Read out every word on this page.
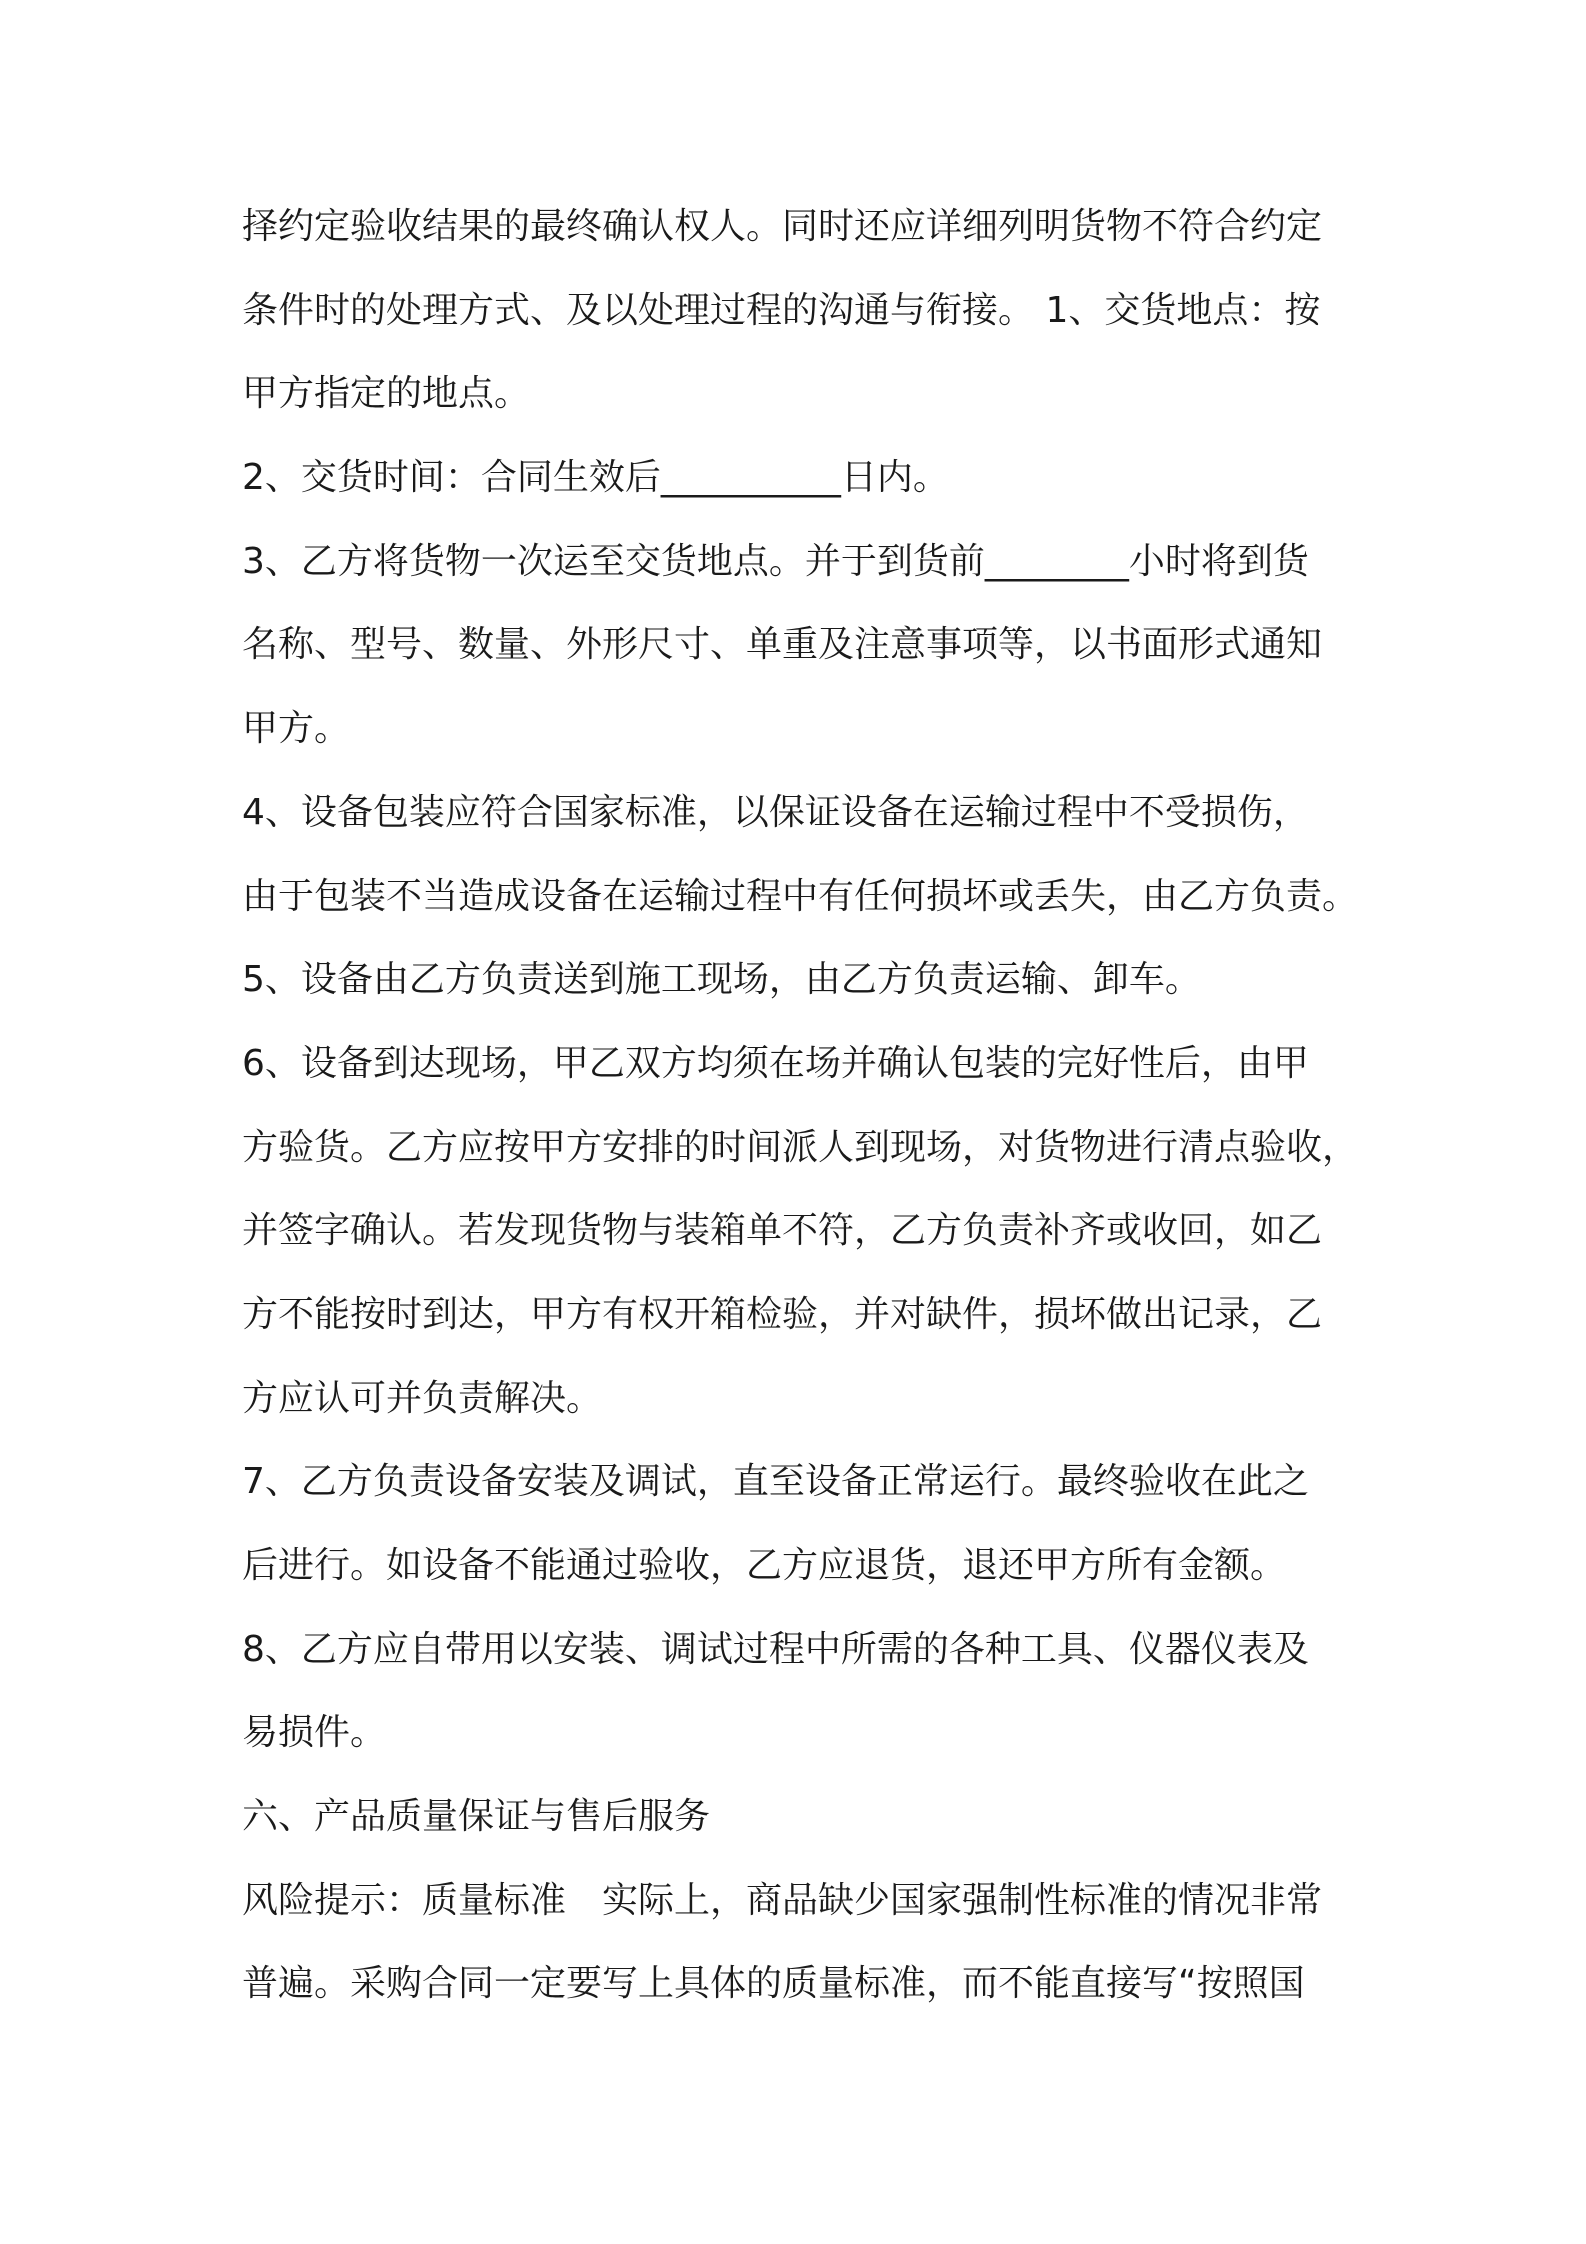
择约定验收结果的最终确认权人。同时还应详细列明货物不符合约定
条件时的处理方式、及以处理过程的沟通与衔接。 1、交货地点：按
甲方指定的地点。
2、交货时间：合同生效后__________日内。
3、乙方将货物一次运至交货地点。并于到货前________小时将到货
名称、型号、数量、外形尺寸、单重及注意事项等，以书面形式通知
甲方。
4、设备包装应符合国家标准，以保证设备在运输过程中不受损伤，
由于包装不当造成设备在运输过程中有任何损坏或丢失，由乙方负责。
5、设备由乙方负责送到施工现场，由乙方负责运输、卸车。
6、设备到达现场，甲乙双方均须在场并确认包装的完好性后，由甲
方验货。乙方应按甲方安排的时间派人到现场，对货物进行清点验收，
并签字确认。若发现货物与装箱单不符，乙方负责补齐或收回，如乙
方不能按时到达，甲方有权开箱检验，并对缺件，损坏做出记录，乙
方应认可并负责解决。
7、乙方负责设备安装及调试，直至设备正常运行。最终验收在此之
后进行。如设备不能通过验收，乙方应退货，退还甲方所有金额。
8、乙方应自带用以安装、调试过程中所需的各种工具、仪器仪表及
易损件。
六、产品质量保证与售后服务
风险提示：质量标准　实际上，商品缺少国家强制性标准的情况非常
普遍。采购合同一定要写上具体的质量标准，而不能直接写“按照国
